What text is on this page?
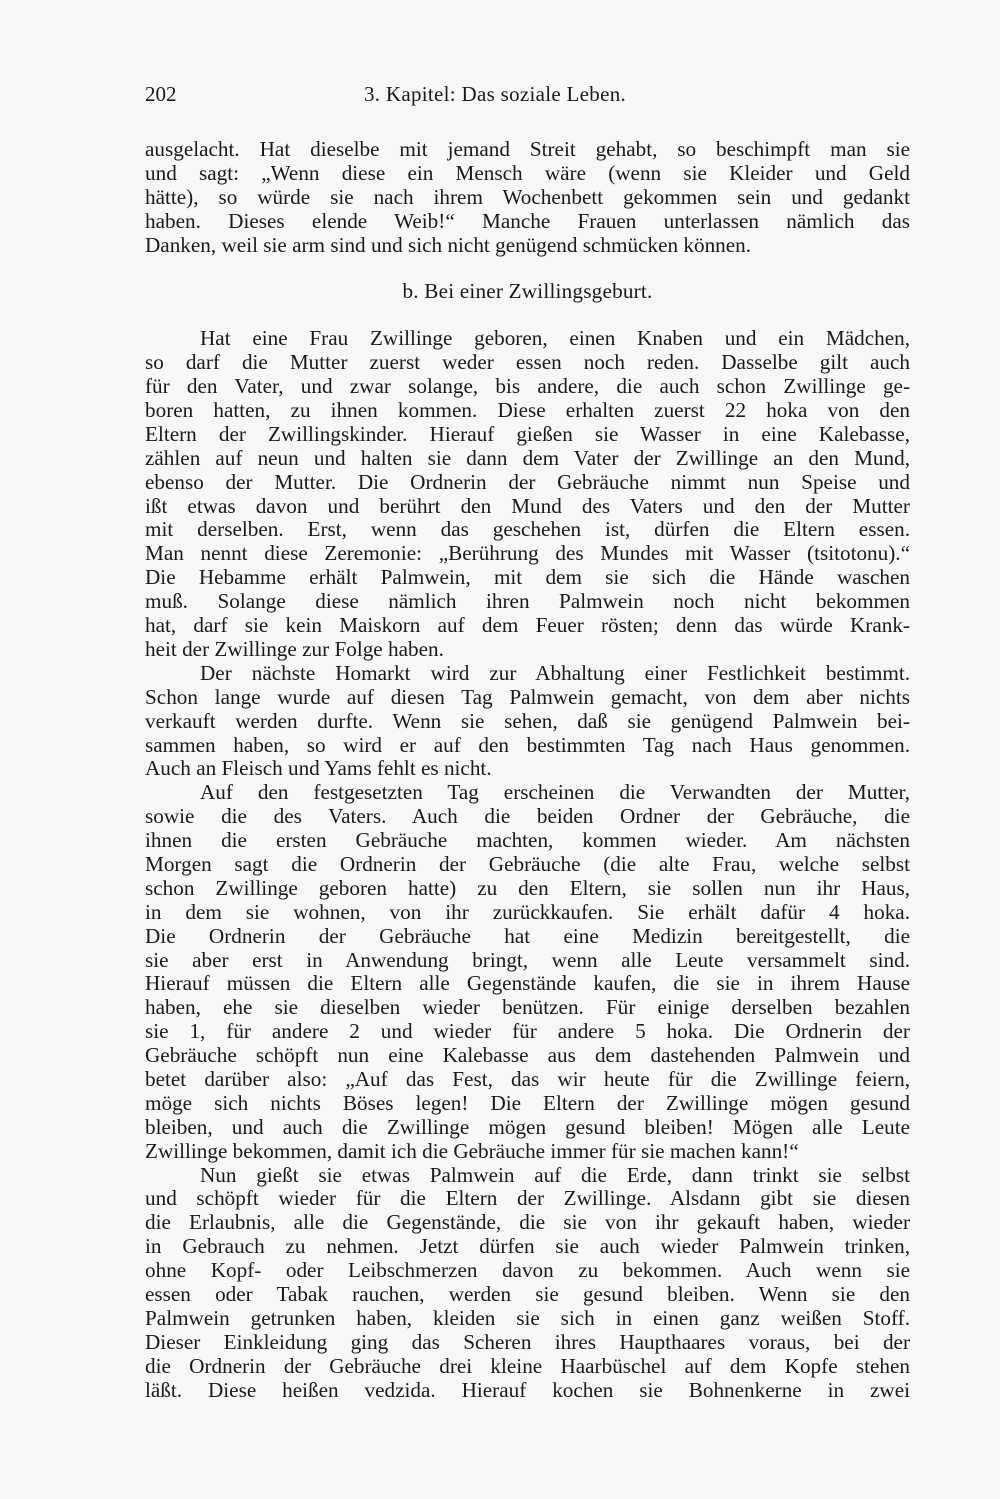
202	3. Kapitel: Das soziale Leben.
ausgelacht. Hat dieselbe mit jemand Streit gehabt, so beschimpft man sie
und sagt: „Wenn diese ein Mensch wäre (wenn sie Kleider und Geld
hätte), so würde sie nach ihrem Wochenbett gekommen sein und gedankt
haben. Dieses elende Weib!“ Manche Frauen unterlassen nämlich das
Danken, weil sie arm sind und sich nicht genügend schmücken können.
b. Bei einer Zwillingsgeburt.
Hat eine Frau Zwillinge geboren, einen Knaben und ein Mädchen,
so darf die Mutter zuerst weder essen noch reden. Dasselbe gilt auch
für den Vater, und zwar solange, bis andere, die auch schon Zwillinge ge-
boren hatten, zu ihnen kommen. Diese erhalten zuerst 22 hoka von den
Eltern der Zwillingskinder. Hierauf gießen sie Wasser in eine Kalebasse,
zählen auf neun und halten sie dann dem Vater der Zwillinge an den Mund,
ebenso der Mutter. Die Ordnerin der Gebräuche nimmt nun Speise und
ißt etwas davon und berührt den Mund des Vaters und den der Mutter
mit derselben. Erst, wenn das geschehen ist, dürfen die Eltern essen.
Man nennt diese Zeremonie: „Berührung des Mundes mit Wasser (tsitotonu).“
Die Hebamme erhält Palmwein, mit dem sie sich die Hände waschen
muß. Solange diese nämlich ihren Palmwein noch nicht bekommen
hat, darf sie kein Maiskorn auf dem Feuer rösten; denn das würde Krank-
heit der Zwillinge zur Folge haben.
Der nächste Homarkt wird zur Abhaltung einer Festlichkeit bestimmt.
Schon lange wurde auf diesen Tag Palmwein gemacht, von dem aber nichts
verkauft werden durfte. Wenn sie sehen, daß sie genügend Palmwein bei-
sammen haben, so wird er auf den bestimmten Tag nach Haus genommen.
Auch an Fleisch und Yams fehlt es nicht.
Auf den festgesetzten Tag erscheinen die Verwandten der Mutter,
sowie die des Vaters. Auch die beiden Ordner der Gebräuche, die
ihnen die ersten Gebräuche machten, kommen wieder. Am nächsten
Morgen sagt die Ordnerin der Gebräuche (die alte Frau, welche selbst
schon Zwillinge geboren hatte) zu den Eltern, sie sollen nun ihr Haus,
in dem sie wohnen, von ihr zurückkaufen. Sie erhält dafür 4 hoka.
Die Ordnerin der Gebräuche hat eine Medizin bereitgestellt, die
sie aber erst in Anwendung bringt, wenn alle Leute versammelt sind.
Hierauf müssen die Eltern alle Gegenstände kaufen, die sie in ihrem Hause
haben, ehe sie dieselben wieder benützen. Für einige derselben bezahlen
sie 1, für andere 2 und wieder für andere 5 hoka. Die Ordnerin der
Gebräuche schöpft nun eine Kalebasse aus dem dastehenden Palmwein und
betet darüber also: „Auf das Fest, das wir heute für die Zwillinge feiern,
möge sich nichts Böses legen! Die Eltern der Zwillinge mögen gesund
bleiben, und auch die Zwillinge mögen gesund bleiben! Mögen alle Leute
Zwillinge bekommen, damit ich die Gebräuche immer für sie machen kann!“
Nun gießt sie etwas Palmwein auf die Erde, dann trinkt sie selbst
und schöpft wieder für die Eltern der Zwillinge. Alsdann gibt sie diesen
die Erlaubnis, alle die Gegenstände, die sie von ihr gekauft haben, wieder
in Gebrauch zu nehmen. Jetzt dürfen sie auch wieder Palmwein trinken,
ohne Kopf- oder Leibschmerzen davon zu bekommen. Auch wenn sie
essen oder Tabak rauchen, werden sie gesund bleiben. Wenn sie den
Palmwein getrunken haben, kleiden sie sich in einen ganz weißen Stoff.
Dieser Einkleidung ging das Scheren ihres Haupthaares voraus, bei der
die Ordnerin der Gebräuche drei kleine Haarbüschel auf dem Kopfe stehen
läßt. Diese heißen vedzida. Hierauf kochen sie Bohnenkerne in zwei
